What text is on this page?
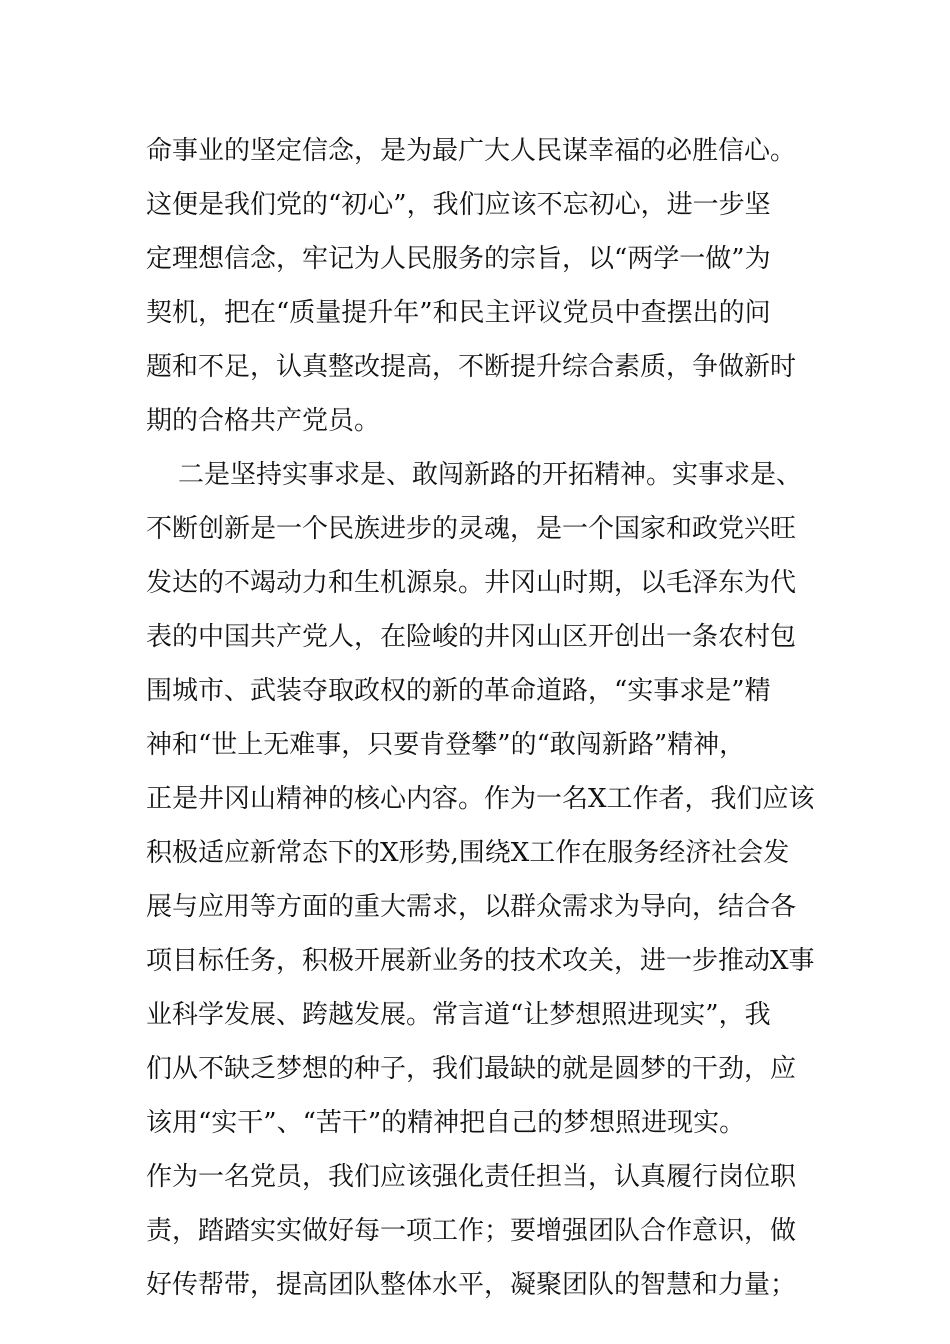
命事业的坚定信念，是为最广大人民谋幸福的必胜信心。
这便是我们党的“初心”，我们应该不忘初心，进一步坚
定理想信念，牢记为人民服务的宗旨，以“两学一做”为
契机，把在“质量提升年”和民主评议党员中查摆出的问
题和不足，认真整改提高，不断提升综合素质，争做新时
期的合格共产党员。
二是坚持实事求是、敢闯新路的开拓精神。实事求是、
不断创新是一个民族进步的灵魂，是一个国家和政党兴旺
发达的不竭动力和生机源泉。井冈山时期，以毛泽东为代
表的中国共产党人，在险峻的井冈山区开创出一条农村包
围城市、武装夺取政权的新的革命道路，“实事求是”精
神和“世上无难事，只要肯登攀”的“敢闯新路”精神，
正是井冈山精神的核心内容。作为一名X工作者，我们应该
积极适应新常态下的X形势,围绕X工作在服务经济社会发
展与应用等方面的重大需求，以群众需求为导向，结合各
项目标任务，积极开展新业务的技术攻关，进一步推动X事
业科学发展、跨越发展。常言道“让梦想照进现实”，我
们从不缺乏梦想的种子，我们最缺的就是圆梦的干劲，应
该用“实干”、“苦干”的精神把自己的梦想照进现实。
作为一名党员，我们应该强化责任担当，认真履行岗位职
责，踏踏实实做好每一项工作；要增强团队合作意识，做
好传帮带，提高团队整体水平，凝聚团队的智慧和力量；
